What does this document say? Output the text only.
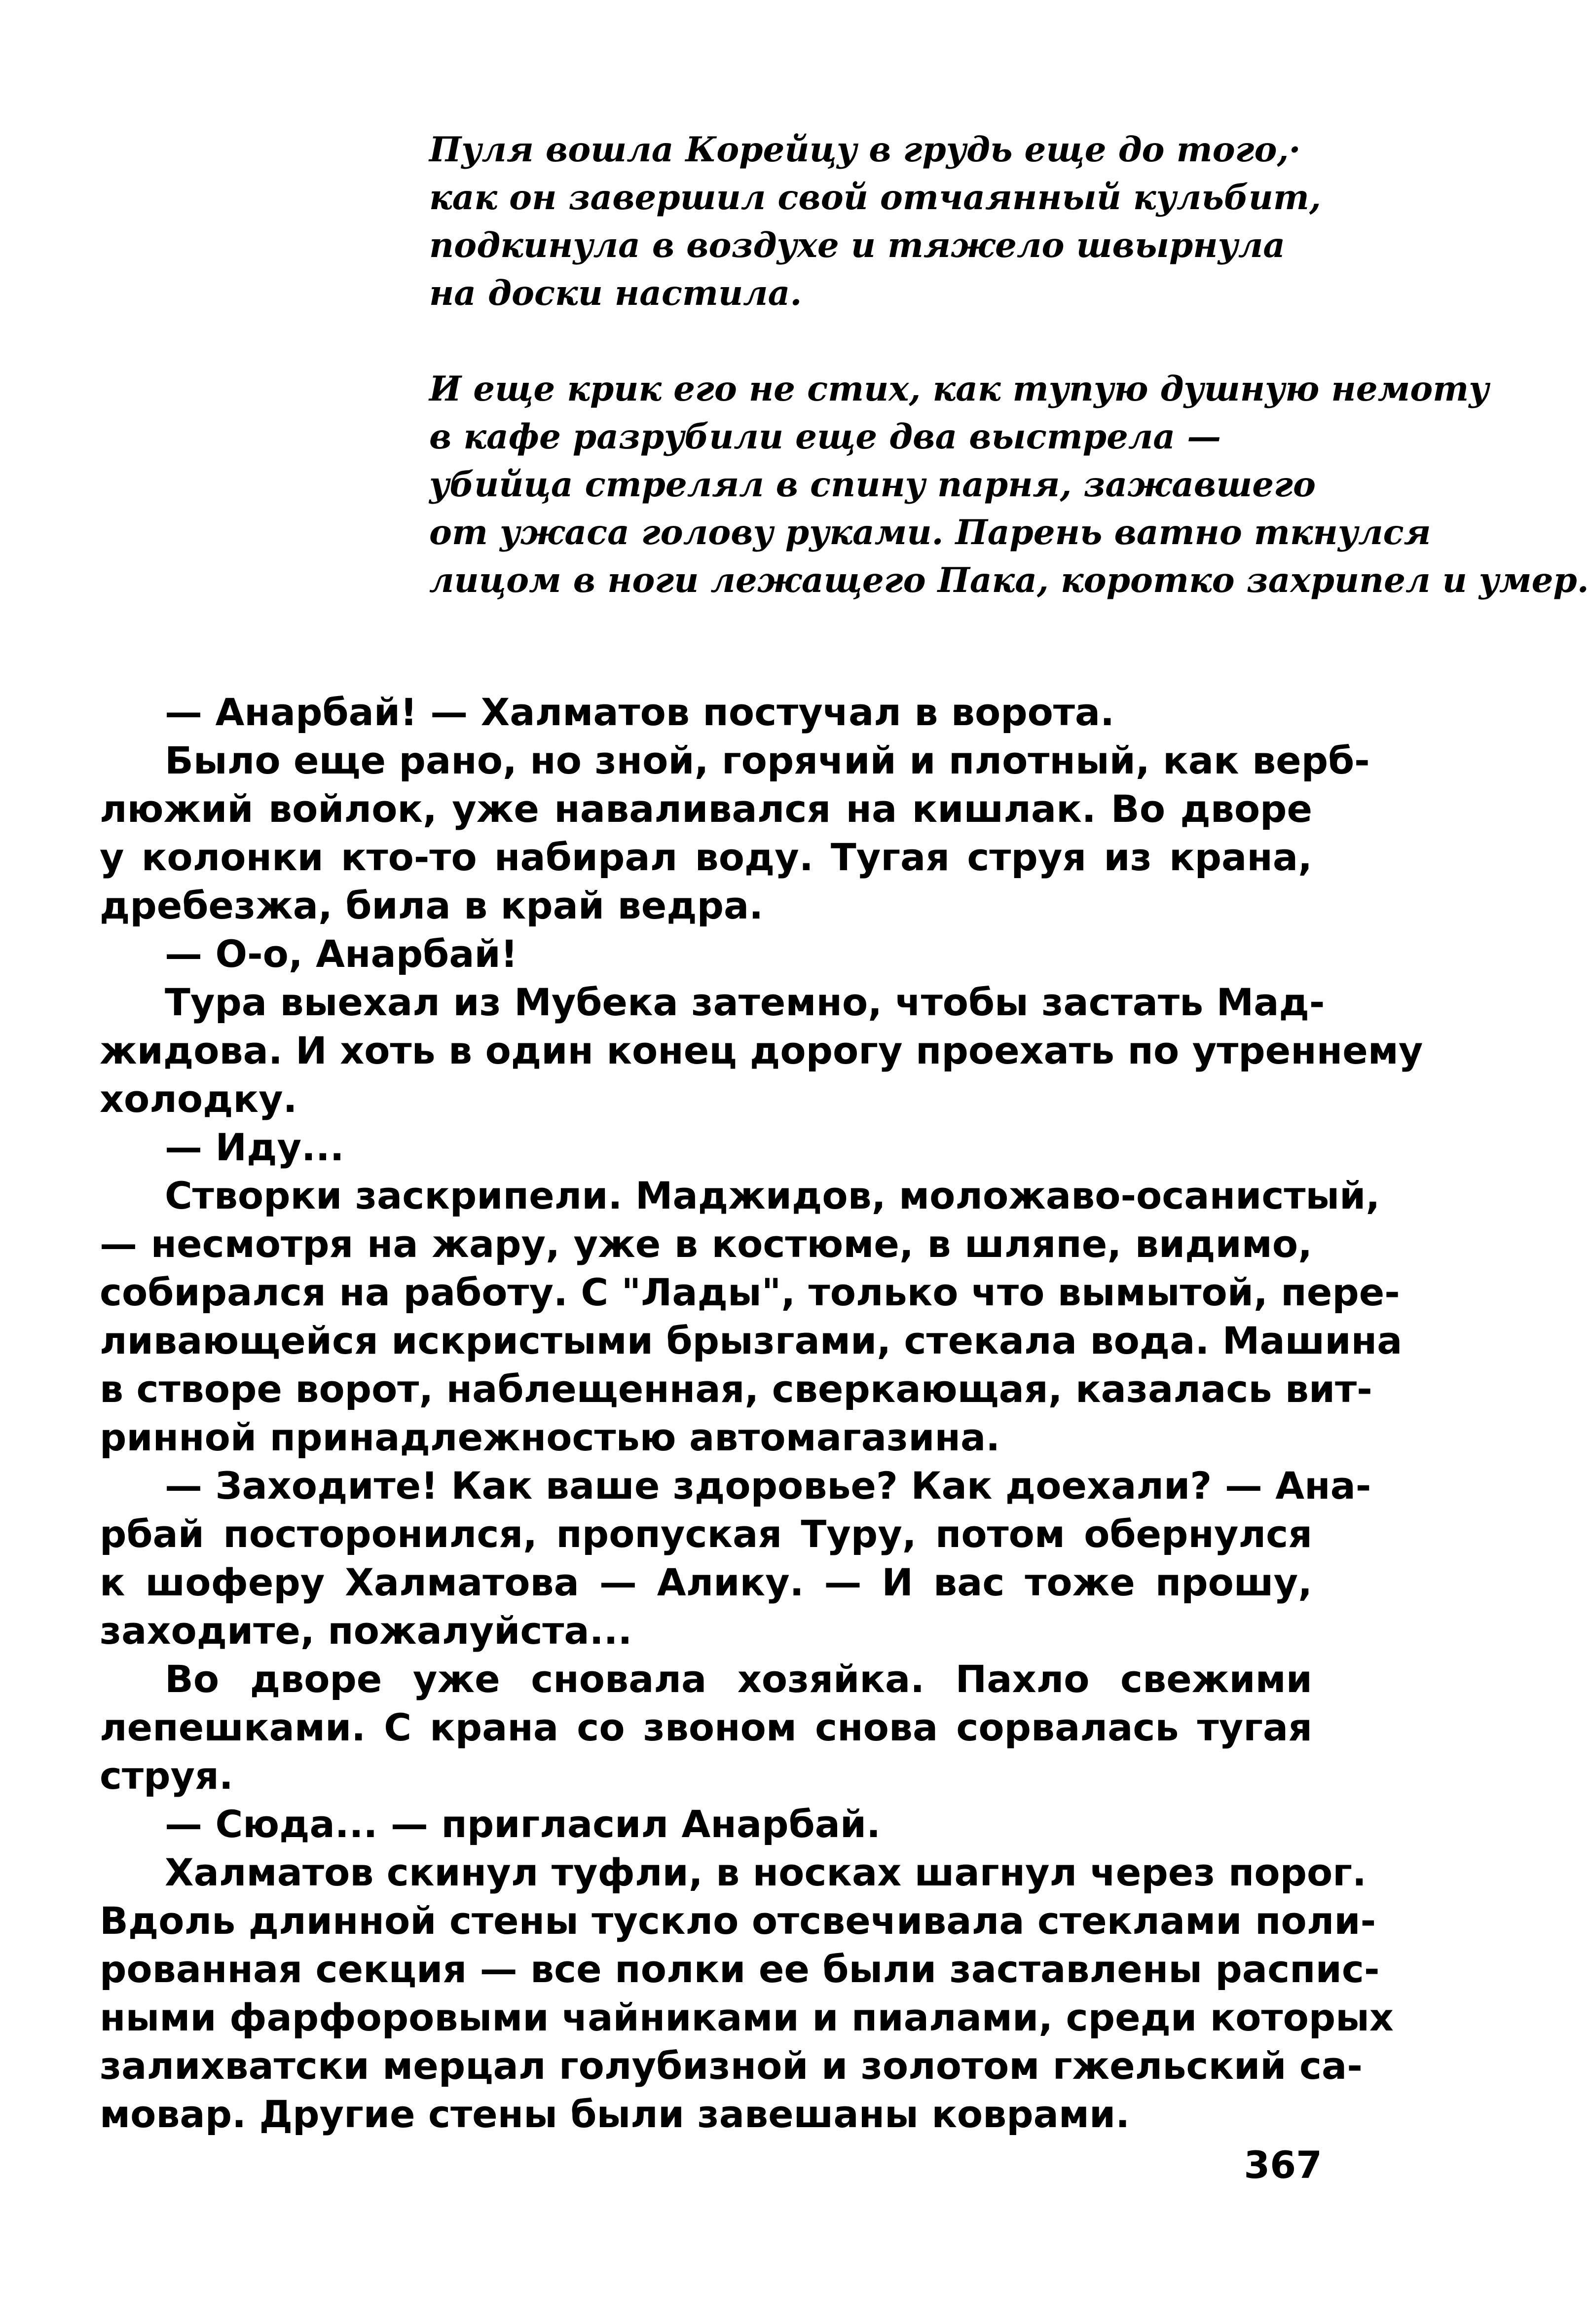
Пуля вошла Корейцу в грудь еще до того,·
как он завершил свой отчаянный кульбит,
подкинула в воздухе и тяжело швырнула
на доски настила.

И еще крик его не стих, как тупую душную немоту
в кафе разрубили еще два выстрела —
убийца стрелял в спину парня, зажавшего
от ужаса голову руками. Парень ватно ткнулся
лицом в ноги лежащего Пака, коротко захрипел и умер.

— Анарбай! — Халматов постучал в ворота.

Было еще рано, но зной, горячий и плотный, как верб-
люжий войлок, уже наваливался на кишлак. Во дворе
у колонки кто-то набирал воду. Тугая струя из крана,
дребезжа, била в край ведра.

— О-о, Анарбай!

Тура выехал из Мубека затемно, чтобы застать Мад-
жидова. И хоть в один конец дорогу проехать по утреннему
холодку.

— Иду...

Створки заскрипели. Маджидов, моложаво-осанистый,
— несмотря на жару, уже в костюме, в шляпе, видимо,
собирался на работу. С "Лады", только что вымытой, пере-
ливающейся искристыми брызгами, стекала вода. Машина
в створе ворот, наблещенная, сверкающая, казалась вит-
ринной принадлежностью автомагазина.

— Заходите! Как ваше здоровье? Как доехали? — Ана-
рбай посторонился, пропуская Туру, потом обернулся
к шоферу Халматова — Алику. — И вас тоже прошу,
заходите, пожалуйста...

Во дворе уже сновала хозяйка. Пахло свежими
лепешками. С крана со звоном снова сорвалась тугая
струя.

— Сюда... — пригласил Анарбай.

Халматов скинул туфли, в носках шагнул через порог.
Вдоль длинной стены тускло отсвечивала стеклами поли-
рованная секция — все полки ее были заставлены распис-
ными фарфоровыми чайниками и пиалами, среди которых
залихватски мерцал голубизной и золотом гжельский са-
мовар. Другие стены были завешаны коврами.

367
